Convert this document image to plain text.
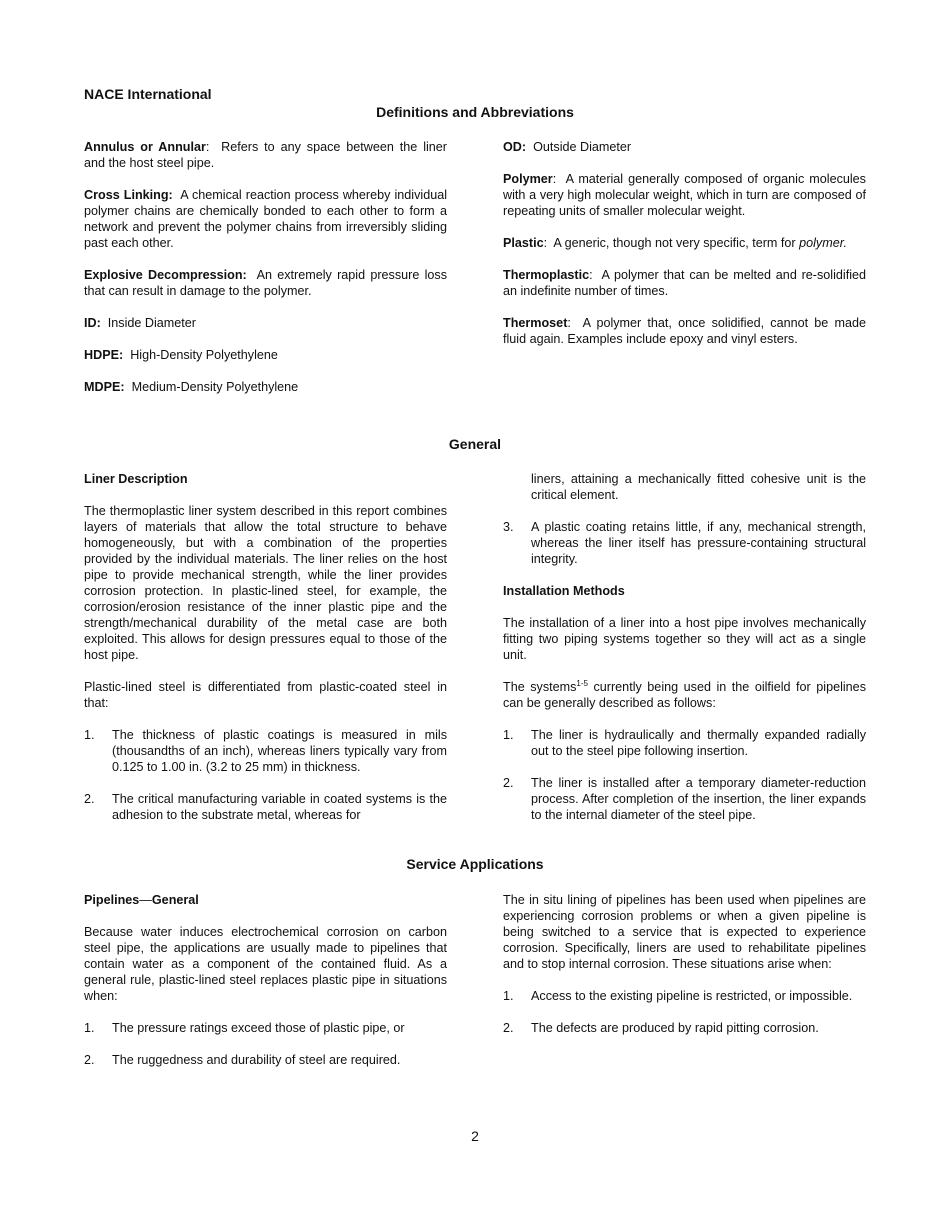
NACE International
Definitions and Abbreviations

Annulus or Annular:  Refers to any space between the liner and the host steel pipe.

Cross Linking: A chemical reaction process whereby individual polymer chains are chemically bonded to each other to form a network and prevent the polymer chains from irreversibly sliding past each other.

Explosive Decompression: An extremely rapid pressure loss that can result in damage to the polymer.

ID: Inside Diameter

HDPE: High-Density Polyethylene

MDPE: Medium-Density Polyethylene

OD: Outside Diameter

Polymer:  A material generally composed of organic molecules with a very high molecular weight, which in turn are composed of repeating units of smaller molecular weight.

Plastic:  A generic, though not very specific, term for polymer.

Thermoplastic:  A polymer that can be melted and re-solidified an indefinite number of times.

Thermoset:  A polymer that, once solidified, cannot be made fluid again. Examples include epoxy and vinyl esters.

General

Liner Description

The thermoplastic liner system described in this report combines layers of materials that allow the total structure to behave homogeneously, but with a combination of the properties provided by the individual materials. The liner relies on the host pipe to provide mechanical strength, while the liner provides corrosion protection. In plastic-lined steel, for example, the corrosion/erosion resistance of the inner plastic pipe and the strength/mechanical durability of the metal case are both exploited. This allows for design pressures equal to those of the host pipe.

Plastic-lined steel is differentiated from plastic-coated steel in that:

1.	The thickness of plastic coatings is measured in mils (thousandths of an inch), whereas liners typically vary from 0.125 to 1.00 in. (3.2 to 25 mm) in thickness.
2.	The critical manufacturing variable in coated systems is the adhesion to the substrate metal, whereas for

liners, attaining a mechanically fitted cohesive unit is the critical element.

3.	A plastic coating retains little, if any, mechanical strength, whereas the liner itself has pressure-containing structural integrity.

Installation Methods

The installation of a liner into a host pipe involves mechanically fitting two piping systems together so they will act as a single unit.

The systems$^{1-5}$ currently being used in the oilfield for pipelines can be generally described as follows:

1.	The liner is hydraulically and thermally expanded radially out to the steel pipe following insertion.
2.	The liner is installed after a temporary diameter-reduction process. After completion of the insertion, the liner expands to the internal diameter of the steel pipe.
Service Applications

Pipelines—General

Because water induces electrochemical corrosion on carbon steel pipe, the applications are usually made to pipelines that contain water as a component of the contained fluid. As a general rule, plastic-lined steel replaces plastic pipe in situations when:

1.	The pressure ratings exceed those of plastic pipe, or
2.	The ruggedness and durability of steel are required.

The in situ lining of pipelines has been used when pipelines are experiencing corrosion problems or when a given pipeline is being switched to a service that is expected to experience corrosion. Specifically, liners are used to rehabilitate pipelines and to stop internal corrosion. These situations arise when:

1.	Access to the existing pipeline is restricted, or impossible.
2.	The defects are produced by rapid pitting corrosion.
2
